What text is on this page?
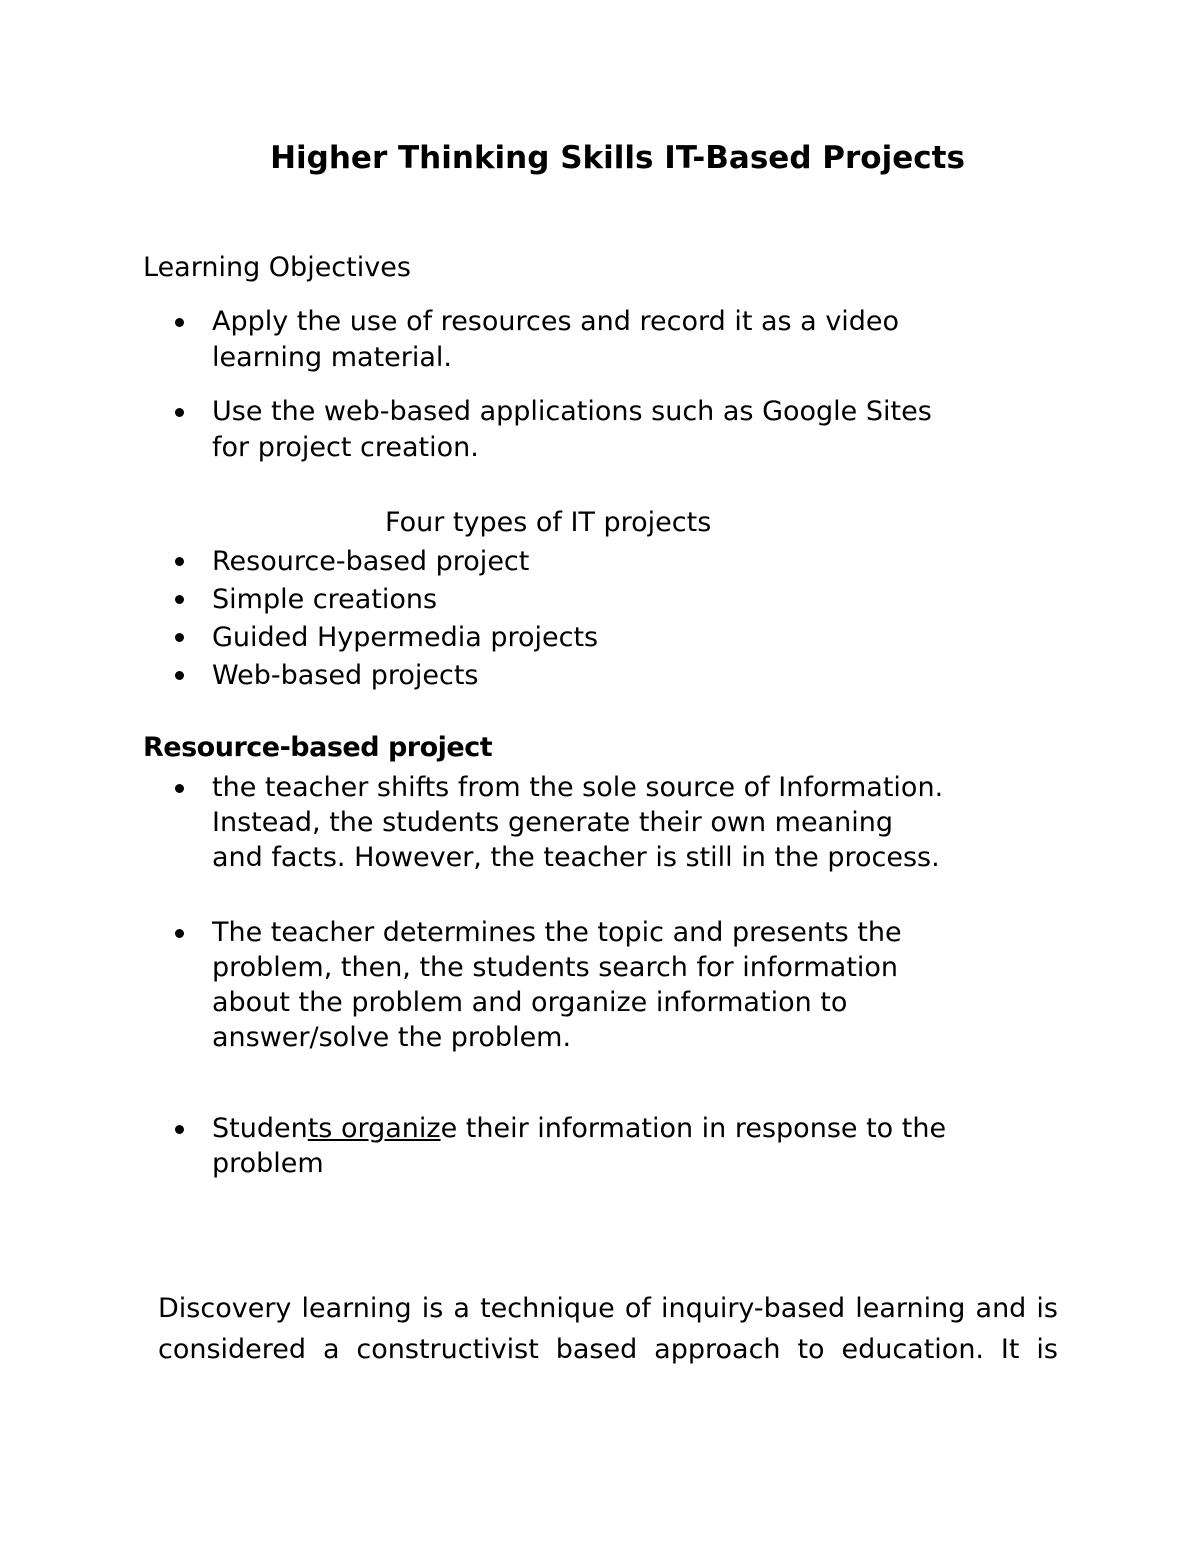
Higher Thinking Skills IT-Based Projects
Learning Objectives
Apply the use of resources and record it as a video
learning material.
Use the web-based applications such as Google Sites
for project creation.
Four types of IT projects
Resource-based project
Simple creations
Guided Hypermedia projects
Web-based projects
Resource-based project
the teacher shifts from the sole source of Information.
Instead, the students generate their own meaning
and facts. However, the teacher is still in the process.
The teacher determines the topic and presents the
problem, then, the students search for information
about the problem and organize information to
answer/solve the problem.
Students organize their information in response to the
problem
Discovery learning is a technique of inquiry-based learning and is
considered a constructivist based approach to education. It is
